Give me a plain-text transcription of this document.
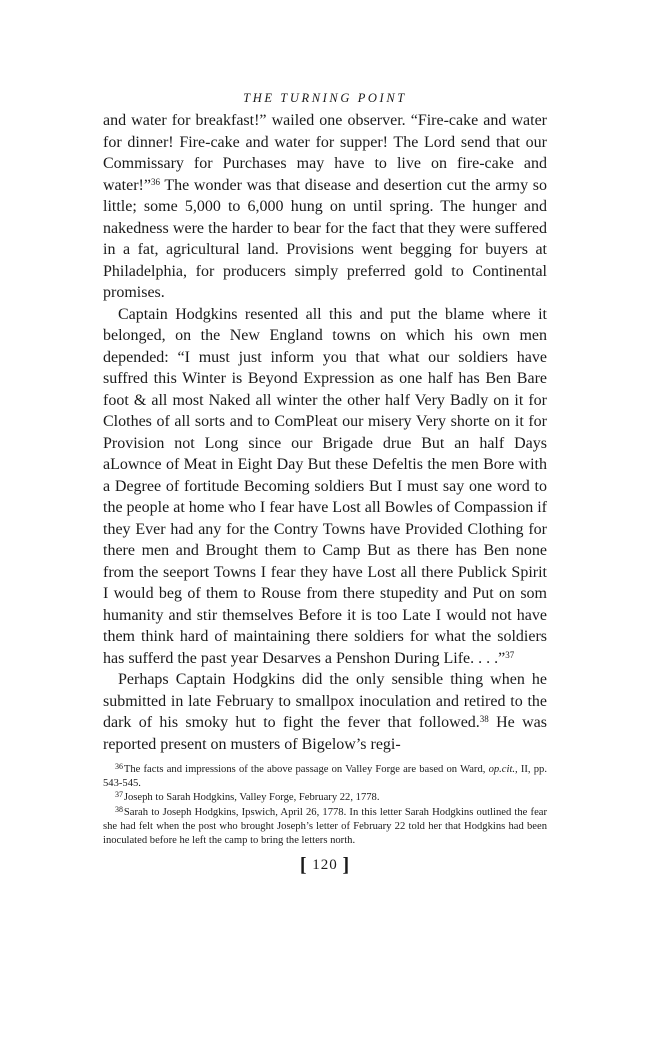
THE TURNING POINT

and water for breakfast!” wailed one observer. “Fire-cake and water for dinner! Fire-cake and water for supper! The Lord send that our Commissary for Purchases may have to live on fire-cake and water!”$^{36}$ The wonder was that disease and desertion cut the army so little; some 5,000 to 6,000 hung on until spring. The hunger and nakedness were the harder to bear for the fact that they were suffered in a fat, agricultural land. Provisions went begging for buyers at Philadelphia, for producers simply preferred gold to Continental promises.

Captain Hodgkins resented all this and put the blame where it belonged, on the New England towns on which his own men depended: “I must just inform you that what our soldiers have suffred this Winter is Beyond Expression as one half has Ben Bare foot & all most Naked all winter the other half Very Badly on it for Clothes of all sorts and to ComPleat our misery Very shorte on it for Provision not Long since our Brigade drue But an half Days aLownce of Meat in Eight Day But these Defeltis the men Bore with a Degree of fortitude Becoming soldiers But I must say one word to the people at home who I fear have Lost all Bowles of Compassion if they Ever had any for the Contry Towns have Provided Clothing for there men and Brought them to Camp But as there has Ben none from the seeport Towns I fear they have Lost all there Publick Spirit I would beg of them to Rouse from there stupedity and Put on som humanity and stir themselves Before it is too Late I would not have them think hard of maintaining there soldiers for what the soldiers has sufferd the past year Desarves a Penshon During Life. . . .”$^{37}$

Perhaps Captain Hodgkins did the only sensible thing when he submitted in late February to smallpox inoculation and retired to the dark of his smoky hut to fight the fever that followed.$^{38}$ He was reported present on musters of Bigelow’s regi-

$^{36}$ The facts and impressions of the above passage on Valley Forge are based on Ward, op.cit., II, pp. 543-545.

$^{37}$ Joseph to Sarah Hodgkins, Valley Forge, February 22, 1778.

$^{38}$ Sarah to Joseph Hodgkins, Ipswich, April 26, 1778. In this letter Sarah Hodgkins outlined the fear she had felt when the post who brought Joseph’s letter of February 22 told her that Hodgkins had been inoculated before he left the camp to bring the letters north.

[ 120 ]
